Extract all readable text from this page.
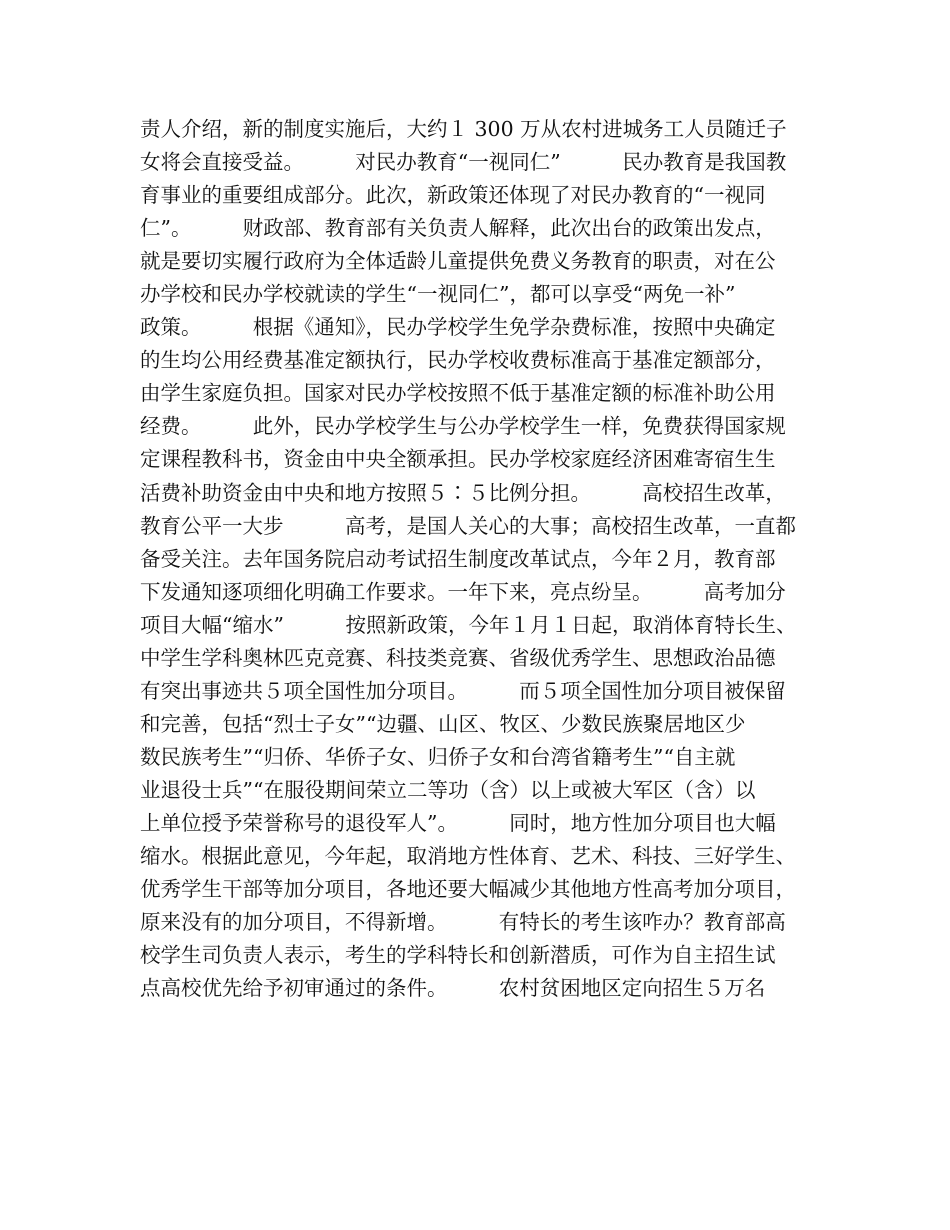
责人介绍，新的制度实施后，大约１ 300 万从农村进城务工人员随迁子
女将会直接受益。　　　对民办教育“一视同仁”　　　民办教育是我国教
育事业的重要组成部分。此次，新政策还体现了对民办教育的“一视同
仁”。　　　财政部、教育部有关负责人解释，此次出台的政策出发点，
就是要切实履行政府为全体适龄儿童提供免费义务教育的职责，对在公
办学校和民办学校就读的学生“一视同仁”，都可以享受“两免一补”
政策。　　　根据《通知》，民办学校学生免学杂费标准，按照中央确定
的生均公用经费基准定额执行，民办学校收费标准高于基准定额部分，
由学生家庭负担。国家对民办学校按照不低于基准定额的标准补助公用
经费。　　　此外，民办学校学生与公办学校学生一样，免费获得国家规
定课程教科书，资金由中央全额承担。民办学校家庭经济困难寄宿生生
活费补助资金由中央和地方按照５∶５比例分担。　　　高校招生改革，
教育公平一大步　　　高考，是国人关心的大事；高校招生改革，一直都
备受关注。去年国务院启动考试招生制度改革试点，今年２月，教育部
下发通知逐项细化明确工作要求。一年下来，亮点纷呈。　　　高考加分
项目大幅“缩水”　　　按照新政策，今年１月１日起，取消体育特长生、
中学生学科奥林匹克竞赛、科技类竞赛、省级优秀学生、思想政治品德
有突出事迹共５项全国性加分项目。　　　而５项全国性加分项目被保留
和完善，包括“烈士子女”“边疆、山区、牧区、少数民族聚居地区少
数民族考生”“归侨、华侨子女、归侨子女和台湾省籍考生”“自主就
业退役士兵”“在服役期间荣立二等功（含）以上或被大军区（含）以
上单位授予荣誉称号的退役军人”。　　　同时，地方性加分项目也大幅
缩水。根据此意见，今年起，取消地方性体育、艺术、科技、三好学生、
优秀学生干部等加分项目，各地还要大幅减少其他地方性高考加分项目，
原来没有的加分项目，不得新增。　　　有特长的考生该咋办？教育部高
校学生司负责人表示，考生的学科特长和创新潜质，可作为自主招生试
点高校优先给予初审通过的条件。　　　农村贫困地区定向招生５万名
